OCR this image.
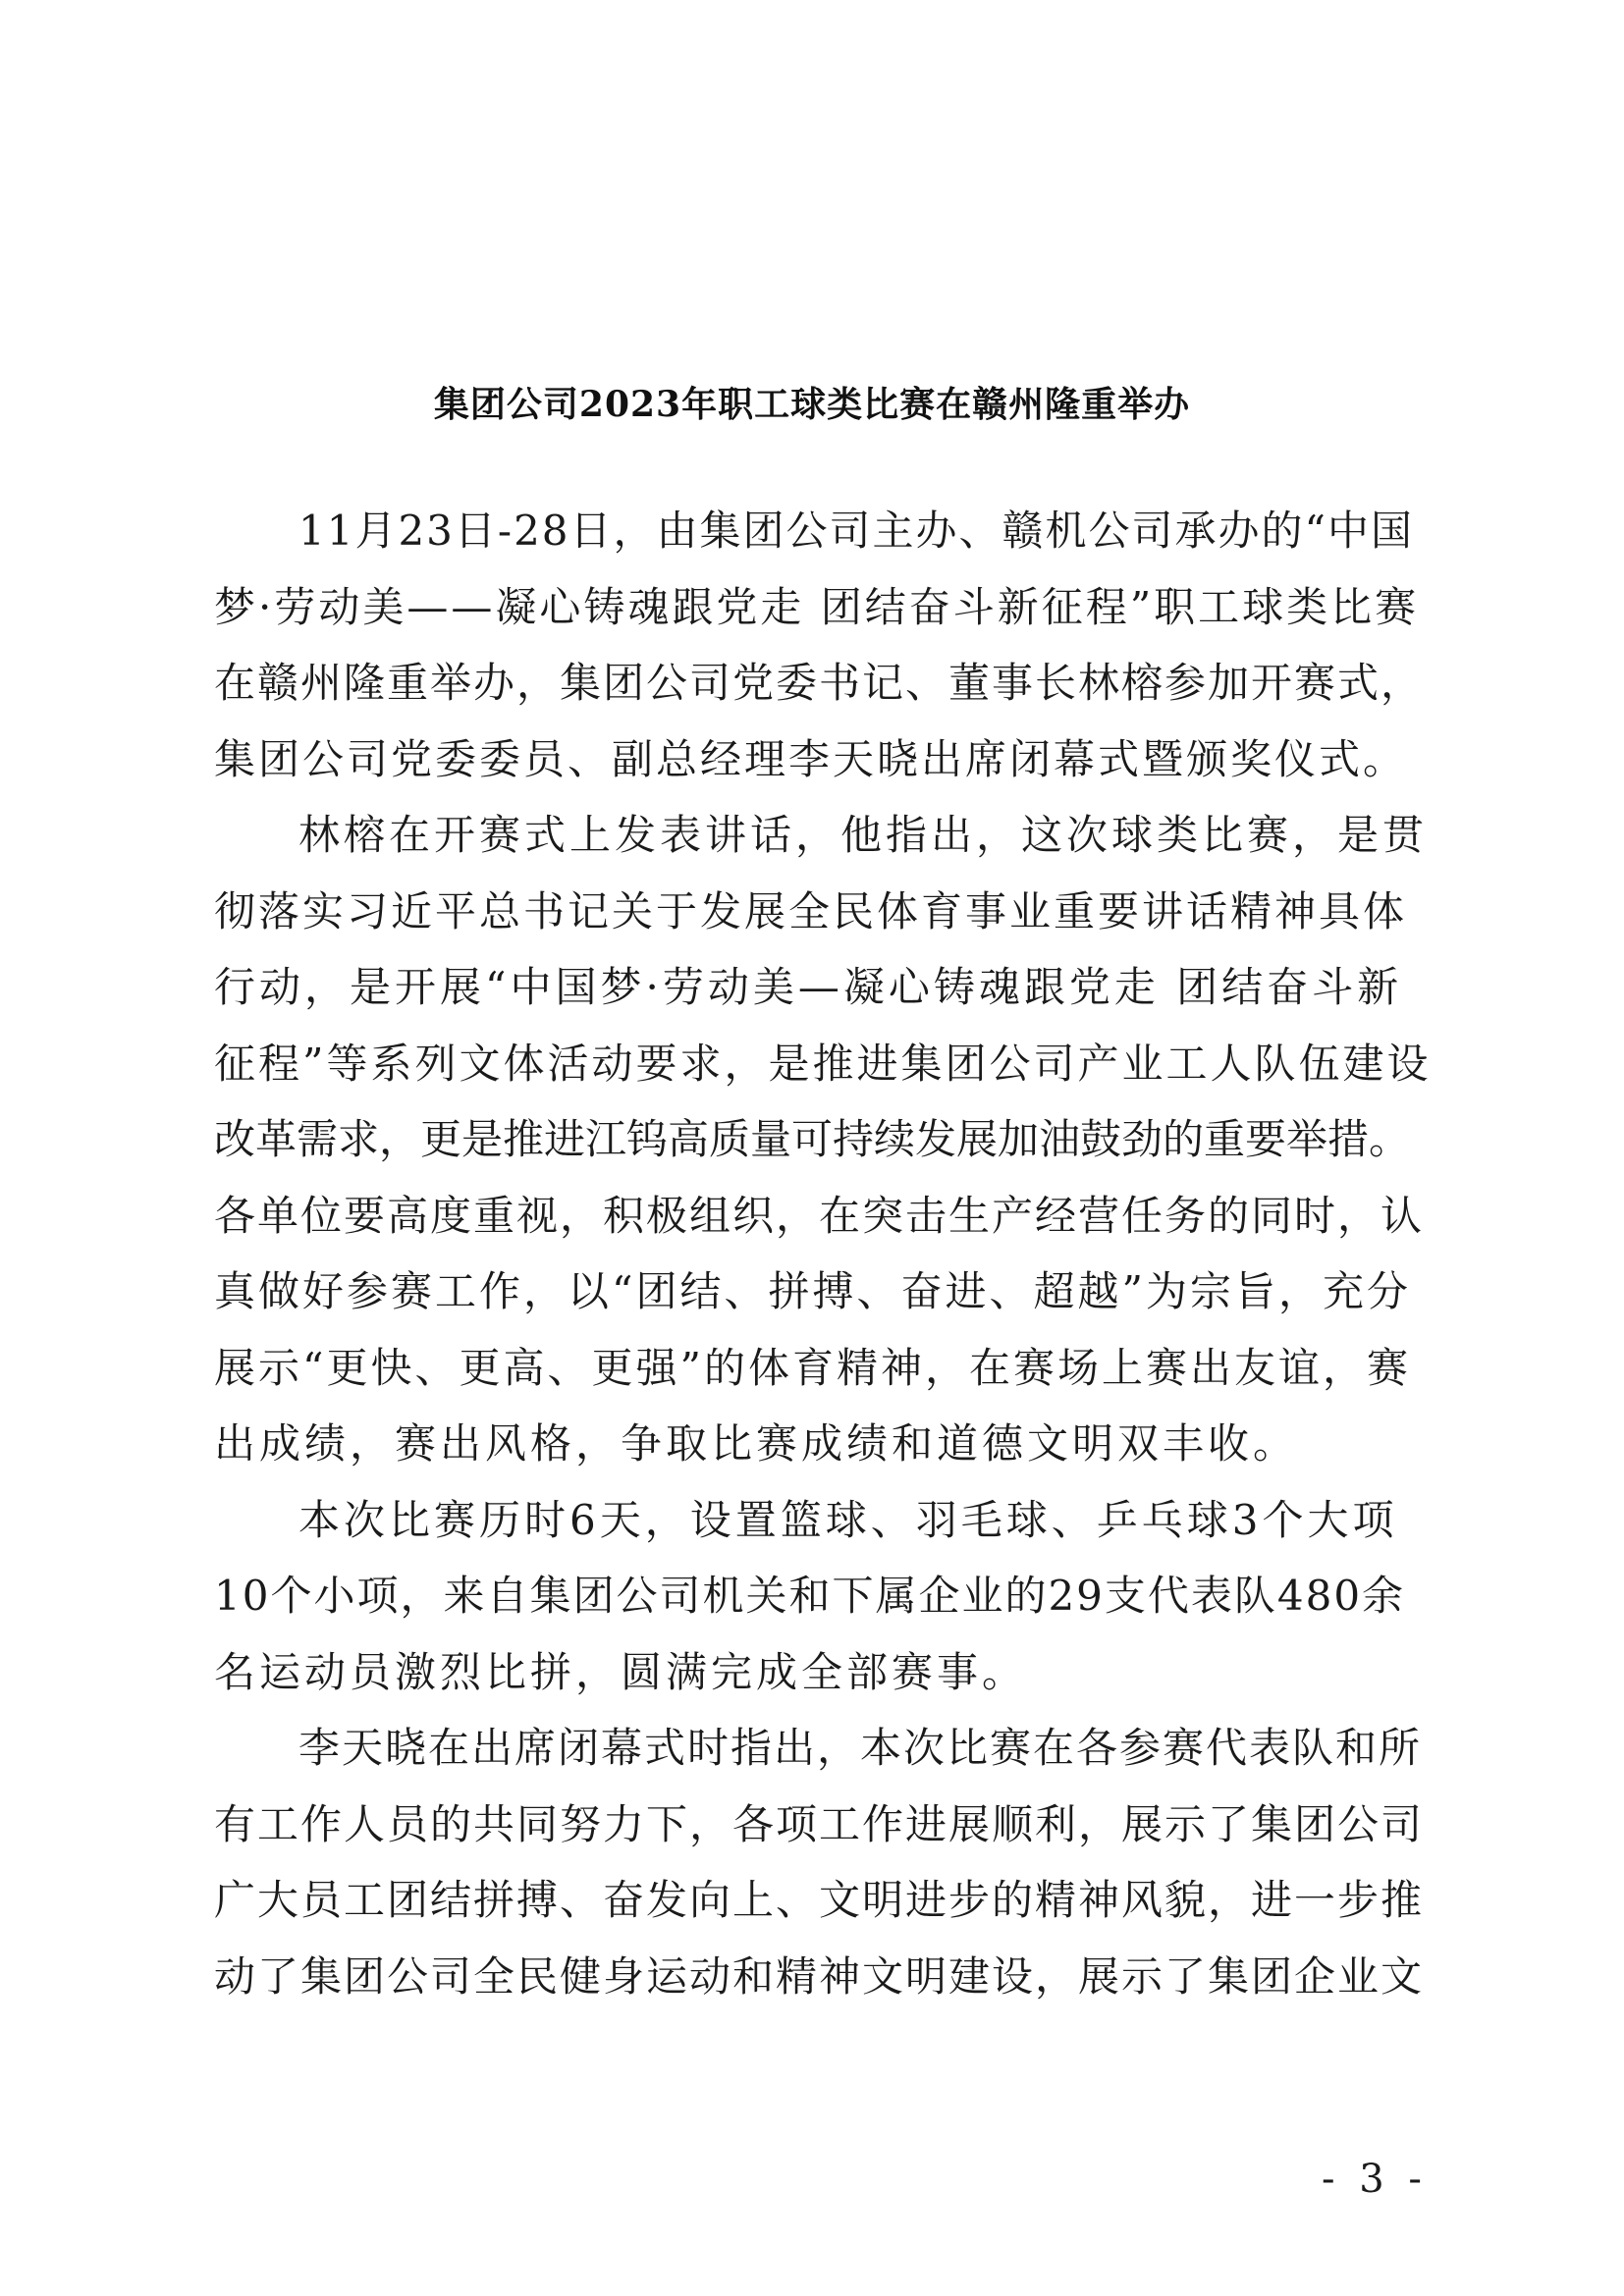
集团公司2023年职工球类比赛在赣州隆重举办
11月23日-28日，由集团公司主办、赣机公司承办的“中国
梦·劳动美——凝心铸魂跟党走 团结奋斗新征程”职工球类比赛
在赣州隆重举办，集团公司党委书记、董事长林榕参加开赛式，
集团公司党委委员、副总经理李天晓出席闭幕式暨颁奖仪式。
林榕在开赛式上发表讲话，他指出，这次球类比赛，是贯
彻落实习近平总书记关于发展全民体育事业重要讲话精神具体
行动，是开展“中国梦·劳动美—凝心铸魂跟党走 团结奋斗新
征程”等系列文体活动要求，是推进集团公司产业工人队伍建设
改革需求，更是推进江钨高质量可持续发展加油鼓劲的重要举措。
各单位要高度重视，积极组织，在突击生产经营任务的同时，认
真做好参赛工作，以“团结、拼搏、奋进、超越”为宗旨，充分
展示“更快、更高、更强”的体育精神，在赛场上赛出友谊，赛
出成绩，赛出风格，争取比赛成绩和道德文明双丰收。
本次比赛历时6天，设置篮球、羽毛球、乒乓球3个大项
10个小项，来自集团公司机关和下属企业的29支代表队480余
名运动员激烈比拼，圆满完成全部赛事。
李天晓在出席闭幕式时指出，本次比赛在各参赛代表队和所
有工作人员的共同努力下，各项工作进展顺利，展示了集团公司
广大员工团结拼搏、奋发向上、文明进步的精神风貌，进一步推
动了集团公司全民健身运动和精神文明建设，展示了集团企业文
- 3 -
